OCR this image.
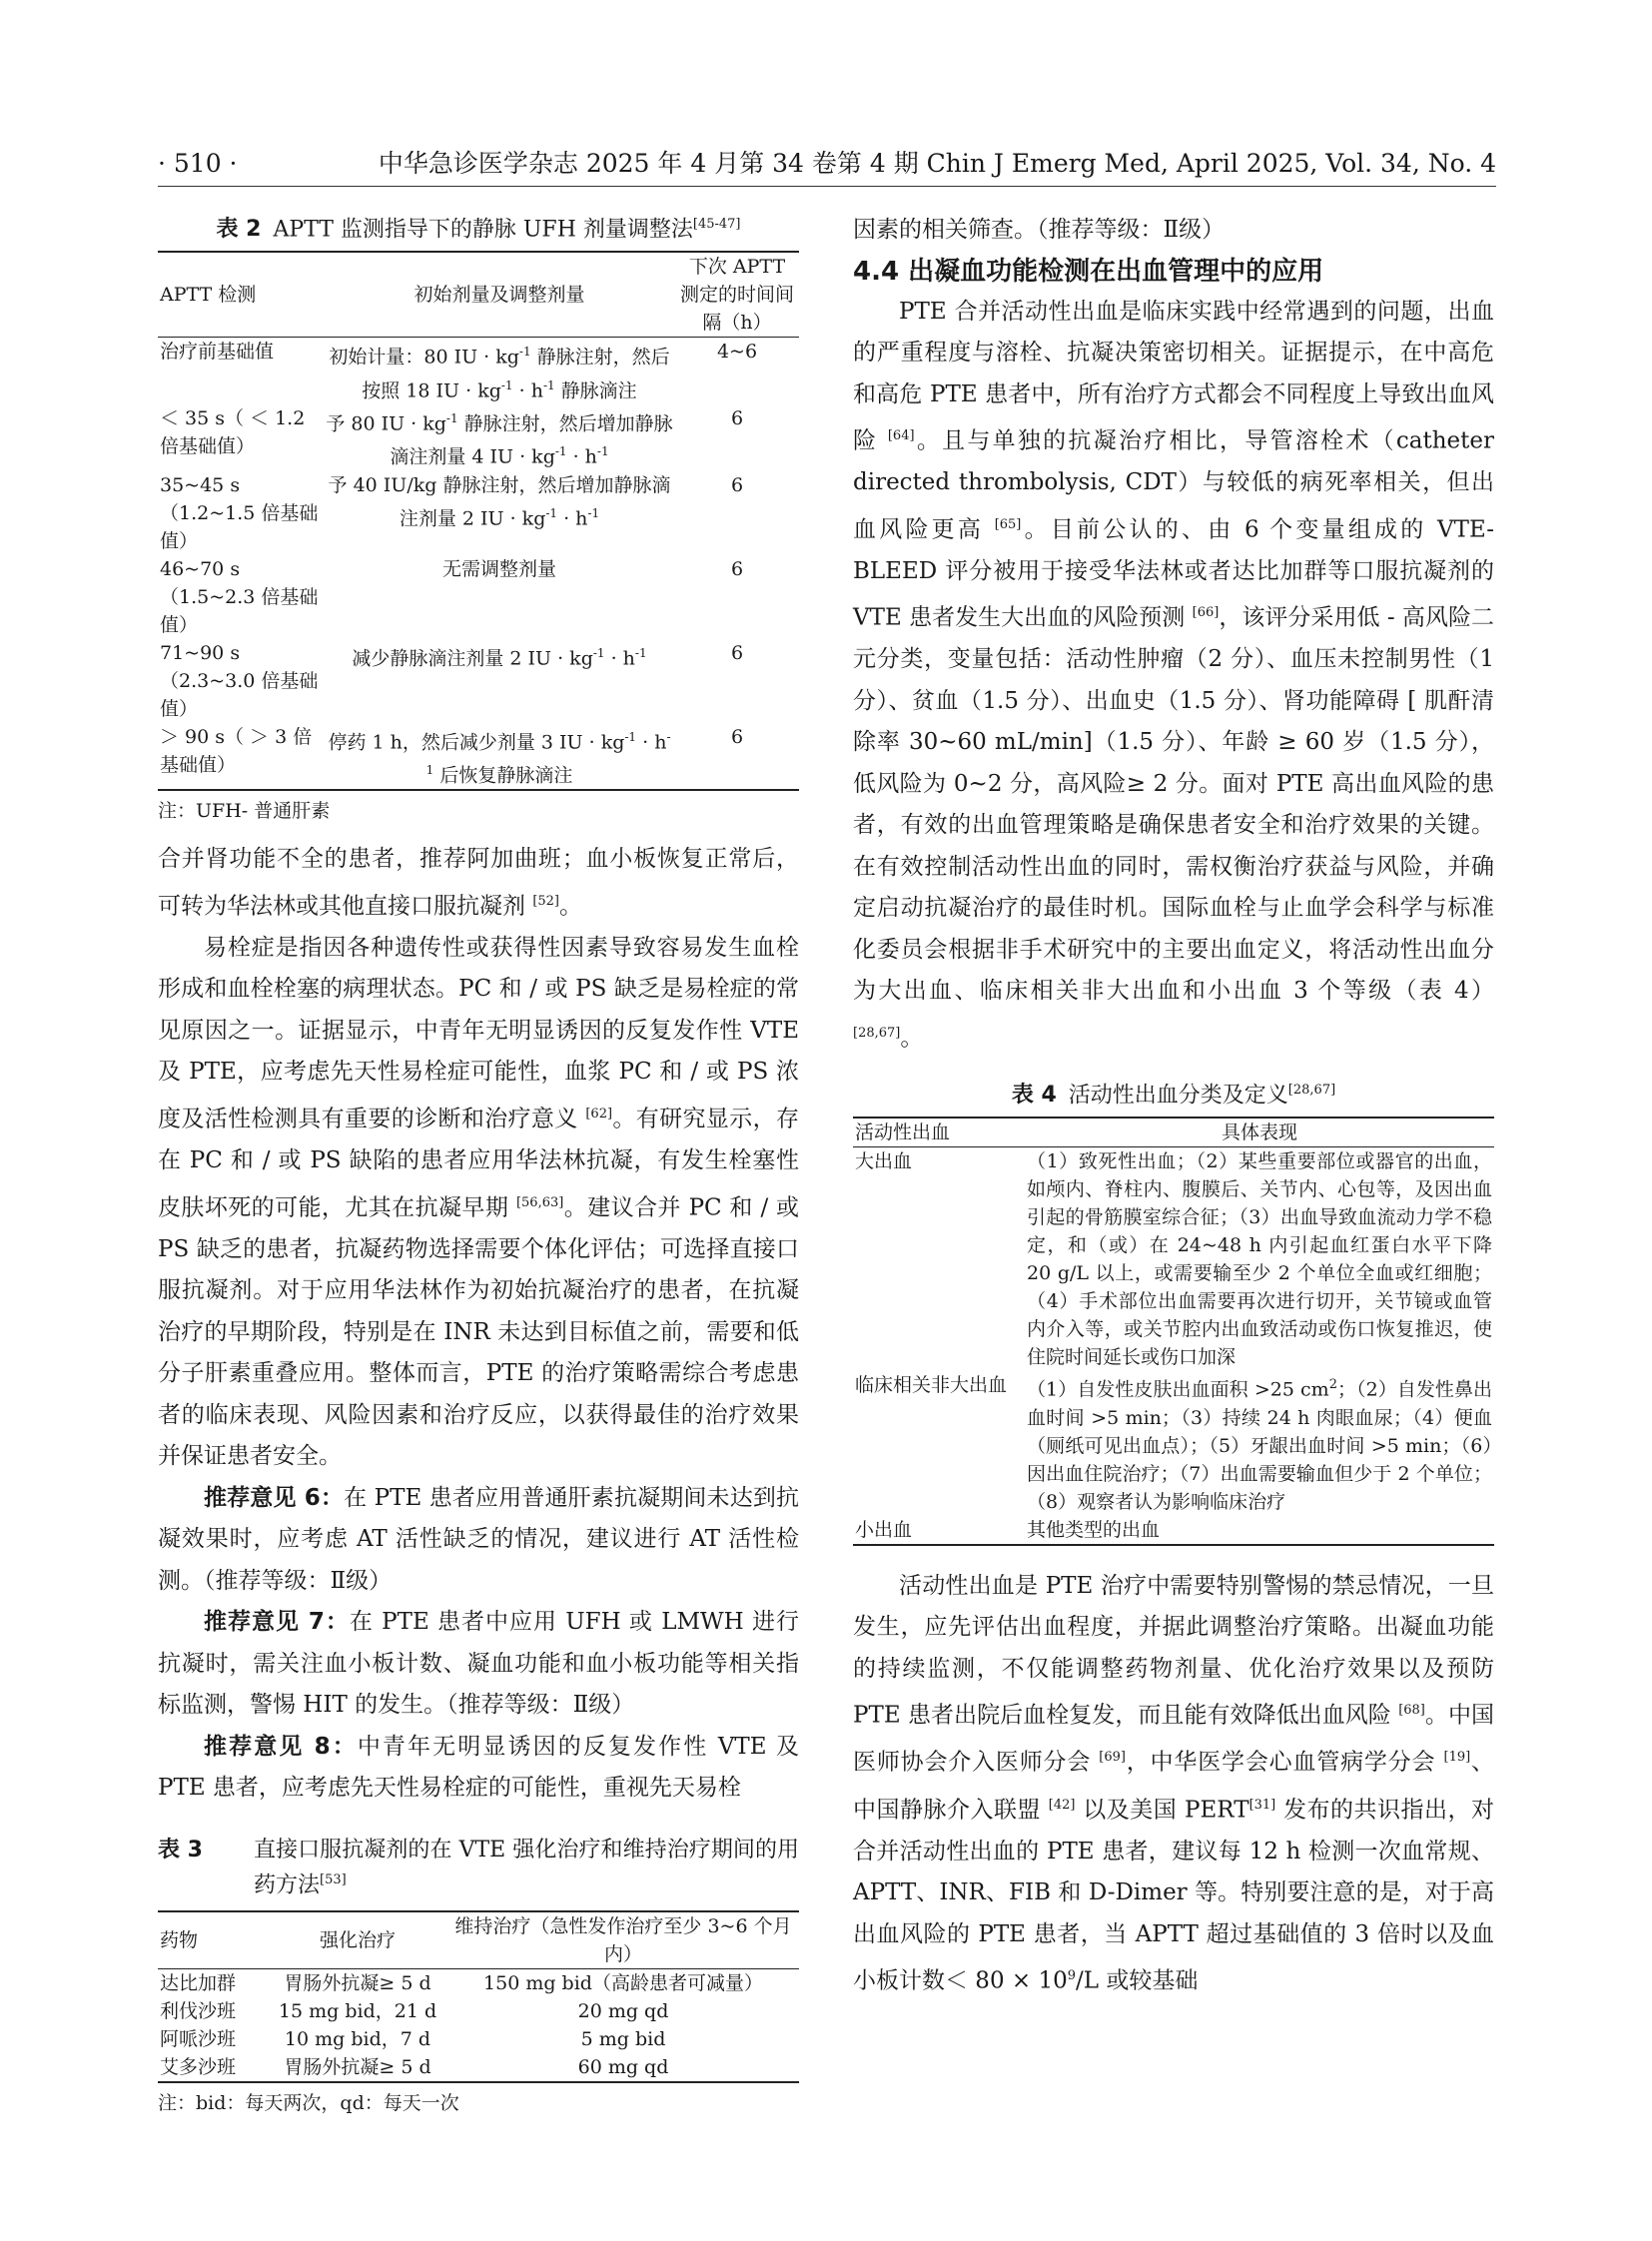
· 510 ·	中华急诊医学杂志 2025 年 4 月第 34 卷第 4 期 Chin J Emerg Med, April 2025, Vol. 34, No. 4
表 2 APTT 监测指导下的静脉 UFH 剂量调整法[45-47]
APTT 检测	初始剂量及调整剂量	下次 APTT 测定的时间间隔（h）
治疗前基础值	初始计量：80 IU · $kg^{-1}$ 静脉注射，然后按照 18 IU · $kg^{-1} \cdot h^{-1}$ 静脉滴注	4~6
＜ 35 s（ ＜ 1.2 倍基础值）	予 80 IU · $kg^{-1}$ 静脉注射，然后增加静脉滴注剂量 4 IU · $kg^{-1} \cdot h^{-1}$	6
35~45 s（1.2~1.5 倍基础值）	予 40 IU/kg 静脉注射，然后增加静脉滴注剂量 2 IU · $kg^{-1} \cdot h^{-1}$	6
46~70 s（1.5~2.3 倍基础值）	无需调整剂量	6
71~90 s（2.3~3.0 倍基础值）	减少静脉滴注剂量 2 IU · $kg^{-1} \cdot h^{-1}$	6
＞ 90 s（ ＞ 3 倍基础值）	停药 1 h，然后减少剂量 3 IU · $kg^{-1} \cdot h^{-1}$ 后恢复静脉滴注	6
注：UFH- 普通肝素

合并肾功能不全的患者，推荐阿加曲班；血小板恢复正常后，可转为华法林或其他直接口服抗凝剂 [52]。

易栓症是指因各种遗传性或获得性因素导致容易发生血栓形成和血栓栓塞的病理状态。PC 和 / 或 PS 缺乏是易栓症的常见原因之一。证据显示，中青年无明显诱因的反复发作性 VTE 及 PTE，应考虑先天性易栓症可能性，血浆 PC 和 / 或 PS 浓度及活性检测具有重要的诊断和治疗意义 [62]。有研究显示，存在 PC 和 / 或 PS 缺陷的患者应用华法林抗凝，有发生栓塞性皮肤坏死的可能，尤其在抗凝早期 [56,63]。建议合并 PC 和 / 或 PS 缺乏的患者，抗凝药物选择需要个体化评估；可选择直接口服抗凝剂。对于应用华法林作为初始抗凝治疗的患者，在抗凝治疗的早期阶段，特别是在 INR 未达到目标值之前，需要和低分子肝素重叠应用。整体而言，PTE 的治疗策略需综合考虑患者的临床表现、风险因素和治疗反应，以获得最佳的治疗效果并保证患者安全。

推荐意见 6：在 PTE 患者应用普通肝素抗凝期间未达到抗凝效果时，应考虑 AT 活性缺乏的情况，建议进行 AT 活性检测。（推荐等级：Ⅱ级）

推荐意见 7：在 PTE 患者中应用 UFH 或 LMWH 进行抗凝时，需关注血小板计数、凝血功能和血小板功能等相关指标监测，警惕 HIT 的发生。（推荐等级：Ⅱ级）

推荐意见 8：中青年无明显诱因的反复发作性 VTE 及 PTE 患者，应考虑先天性易栓症的可能性，重视先天易栓

表 3	直接口服抗凝剂的在 VTE 强化治疗和维持治疗期间的用药方法[53]
药物	强化治疗	维持治疗（急性发作治疗至少 3~6 个月内）
达比加群	胃肠外抗凝≥ 5 d	150 mg bid（高龄患者可减量）
利伐沙班	15 mg bid，21 d	20 mg qd
阿哌沙班	10 mg bid，7 d	5 mg bid
艾多沙班	胃肠外抗凝≥ 5 d	60 mg qd
注：bid：每天两次，qd：每天一次

因素的相关筛查。（推荐等级：Ⅱ级）

4.4 出凝血功能检测在出血管理中的应用

PTE 合并活动性出血是临床实践中经常遇到的问题，出血的严重程度与溶栓、抗凝决策密切相关。证据提示，在中高危和高危 PTE 患者中，所有治疗方式都会不同程度上导致出血风险 [64]。且与单独的抗凝治疗相比，导管溶栓术（catheter directed thrombolysis, CDT）与较低的病死率相关，但出血风险更高 [65]。目前公认的、由 6 个变量组成的 VTE-BLEED 评分被用于接受华法林或者达比加群等口服抗凝剂的 VTE 患者发生大出血的风险预测 [66]，该评分采用低 - 高风险二元分类，变量包括：活动性肿瘤（2 分）、血压未控制男性（1 分）、贫血（1.5 分）、出血史（1.5 分）、肾功能障碍 [ 肌酐清除率 30~60 mL/min]（1.5 分）、年龄 ≥ 60 岁（1.5 分），低风险为 0~2 分，高风险≥ 2 分。面对 PTE 高出血风险的患者，有效的出血管理策略是确保患者安全和治疗效果的关键。在有效控制活动性出血的同时，需权衡治疗获益与风险，并确定启动抗凝治疗的最佳时机。国际血栓与止血学会科学与标准化委员会根据非手术研究中的主要出血定义，将活动性出血分为大出血、临床相关非大出血和小出血 3 个等级（表 4）[28,67]。

表 4 活动性出血分类及定义[28,67]
活动性出血	具体表现
大出血	（1）致死性出血；（2）某些重要部位或器官的出血，如颅内、脊柱内、腹膜后、关节内、心包等，及因出血引起的骨筋膜室综合征；（3）出血导致血流动力学不稳定，和（或）在 24~48 h 内引起血红蛋白水平下降 20 g/L 以上，或需要输至少 2 个单位全血或红细胞；（4）手术部位出血需要再次进行切开，关节镜或血管内介入等，或关节腔内出血致活动或伤口恢复推迟，使住院时间延长或伤口加深
临床相关非大出血	（1）自发性皮肤出血面积 >25 $cm^2$；（2）自发性鼻出血时间 >5 min；（3）持续 24 h 肉眼血尿；（4）便血（厕纸可见出血点）；（5）牙龈出血时间 >5 min；（6）因出血住院治疗；（7）出血需要输血但少于 2 个单位；（8）观察者认为影响临床治疗
小出血	其他类型的出血

活动性出血是 PTE 治疗中需要特别警惕的禁忌情况，一旦发生，应先评估出血程度，并据此调整治疗策略。出凝血功能的持续监测，不仅能调整药物剂量、优化治疗效果以及预防 PTE 患者出院后血栓复发，而且能有效降低出血风险 [68]。中国医师协会介入医师分会 [69]，中华医学会心血管病学分会 [19]、中国静脉介入联盟 [42] 以及美国 PERT[31] 发布的共识指出，对合并活动性出血的 PTE 患者，建议每 12 h 检测一次血常规、APTT、INR、FIB 和 D-Dimer 等。特别要注意的是，对于高出血风险的 PTE 患者，当 APTT 超过基础值的 3 倍时以及血小板计数＜ $80 \times 10^9/L$ 或较基础
